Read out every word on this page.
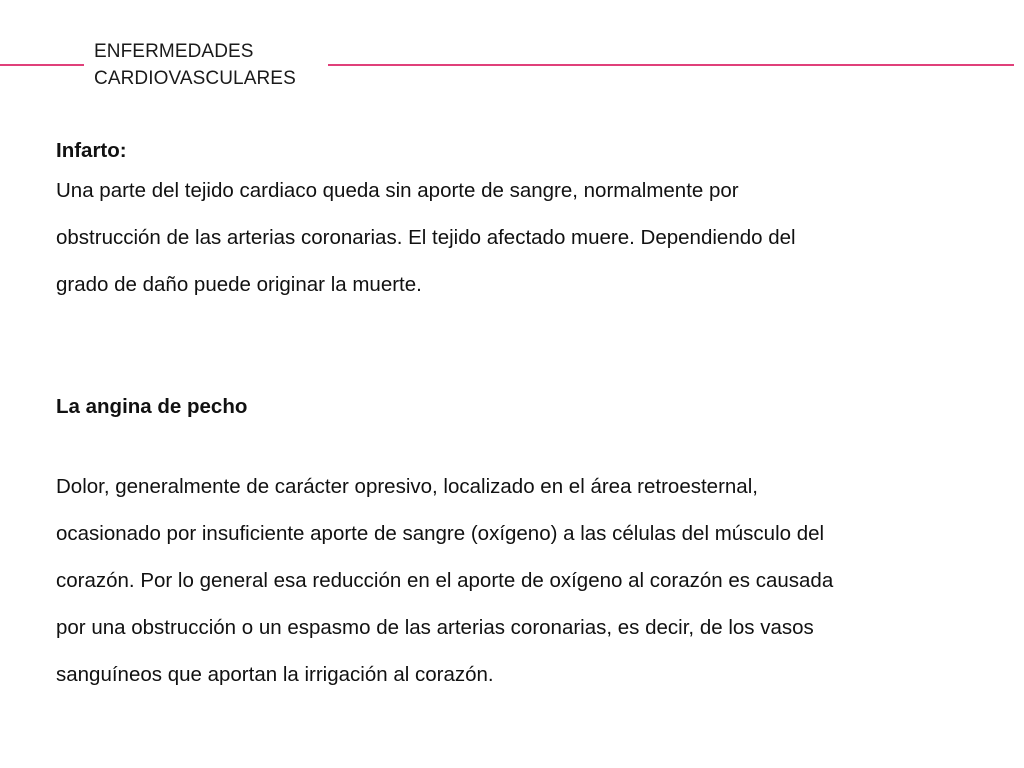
ENFERMEDADES
CARDIOVASCULARES

Infarto:

Una parte del tejido cardiaco queda sin aporte de sangre, normalmente por
obstrucción de las arterias coronarias. El tejido afectado muere. Dependiendo del
grado de daño puede originar la muerte.

La angina de pecho

Dolor, generalmente de carácter opresivo, localizado en el área retroesternal,
ocasionado por insuficiente aporte de sangre (oxígeno) a las células del músculo del
corazón. Por lo general esa reducción en el aporte de oxígeno al corazón es causada
por una obstrucción o un espasmo de las arterias coronarias, es decir, de los vasos
sanguíneos que aportan la irrigación al corazón.
